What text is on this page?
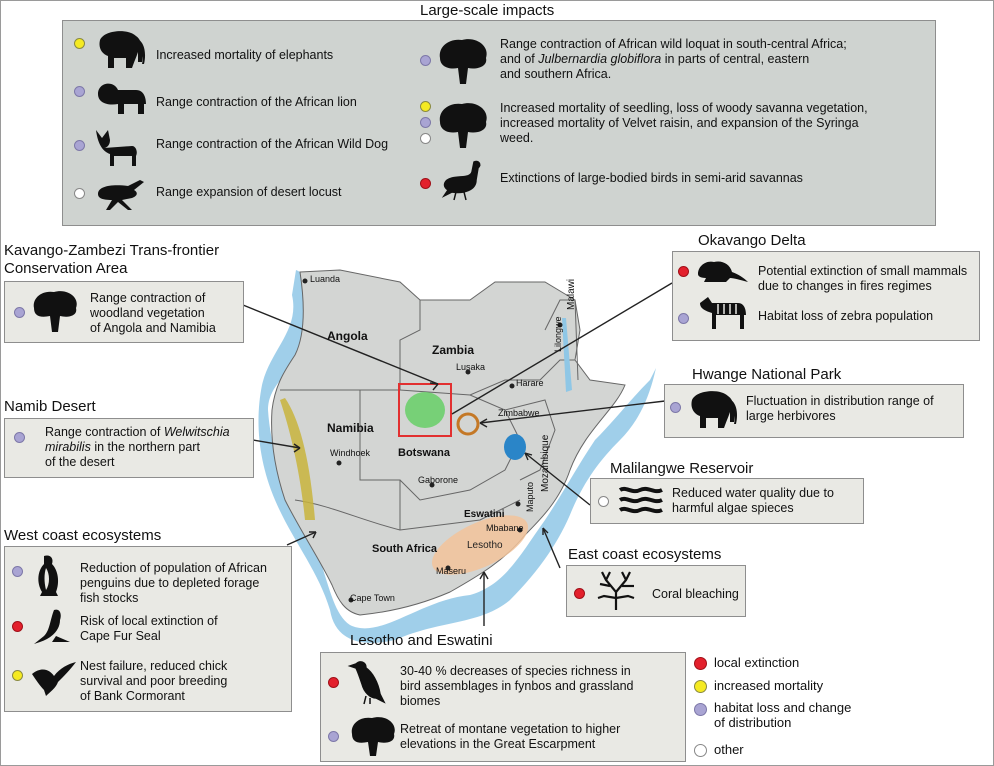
Angola
Zambia
Namibia
Botswana
Zimbabwe
South Africa
Eswatini
Lesotho
Mozambique
Malawi
Luanda
Lusaka
Harare
Windhoek
Gaborone
Mbabane
Maputo
Maseru
Cape Town
Lilongwe
Large-scale impacts
Increased mortality of elephants
Range contraction of the African lion
Range contraction of the African Wild Dog
Range expansion of desert locust
Range contraction of African wild loquat in south-central Africa;
and of Julbernardia globiflora in parts of central, eastern
and southern Africa.
Increased mortality of seedling, loss of woody savanna vegetation,
increased mortality of Velvet raisin, and expansion of the Syringa
weed.
Extinctions of large-bodied birds in semi-arid savannas
Kavango-Zambezi Trans-frontier
Conservation Area
Range contraction of
woodland vegetation
of Angola and Namibia
Namib Desert
Range contraction of Welwitschia
mirabilis in the northern part
of the desert
West coast ecosystems
Reduction of population of African
penguins due to depleted forage
fish stocks
Risk of local extinction of
Cape Fur Seal
Nest failure, reduced chick
survival and poor breeding
of Bank Cormorant
Okavango Delta
Potential extinction of small mammals
due to changes in fires regimes
Habitat loss of zebra population
Hwange National Park
Fluctuation in distribution range of
large herbivores
Malilangwe Reservoir
Reduced water quality due to
harmful algae spieces
East coast ecosystems
Coral bleaching
Lesotho and Eswatini
30-40 % decreases of species richness in
bird assemblages in fynbos and grassland
biomes
Retreat of montane vegetation to higher
elevations in the Great Escarpment
local extinction
increased mortality
habitat loss and change
of distribution
other
